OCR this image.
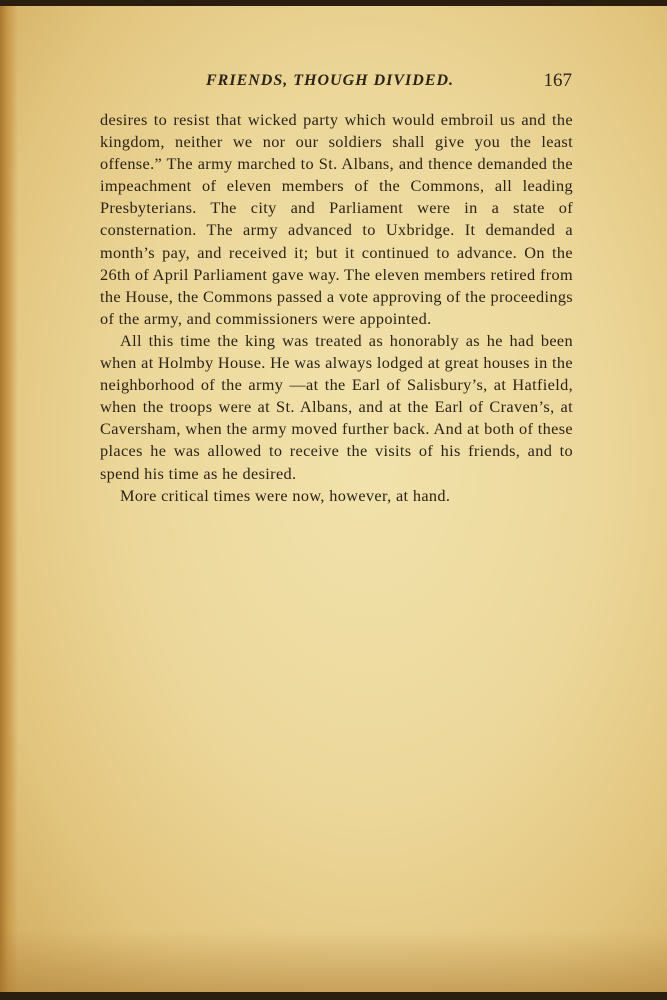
FRIENDS, THOUGH DIVIDED.	167

desires to resist that wicked party which would embroil us and the kingdom, neither we nor our soldiers shall give you the least offense.” The army marched to St. Albans, and thence demanded the impeachment of eleven members of the Commons, all leading Presbyterians. The city and Parliament were in a state of consternation. The army advanced to Uxbridge. It demanded a month’s pay, and received it; but it continued to advance. On the 26th of April Parliament gave way. The eleven members retired from the House, the Commons passed a vote approving of the proceedings of the army, and commissioners were appointed.

All this time the king was treated as honorably as he had been when at Holmby House. He was always lodged at great houses in the neighborhood of the army —at the Earl of Salisbury’s, at Hatfield, when the troops were at St. Albans, and at the Earl of Craven’s, at Caversham, when the army moved further back. And at both of these places he was allowed to receive the visits of his friends, and to spend his time as he desired.

More critical times were now, however, at hand.
